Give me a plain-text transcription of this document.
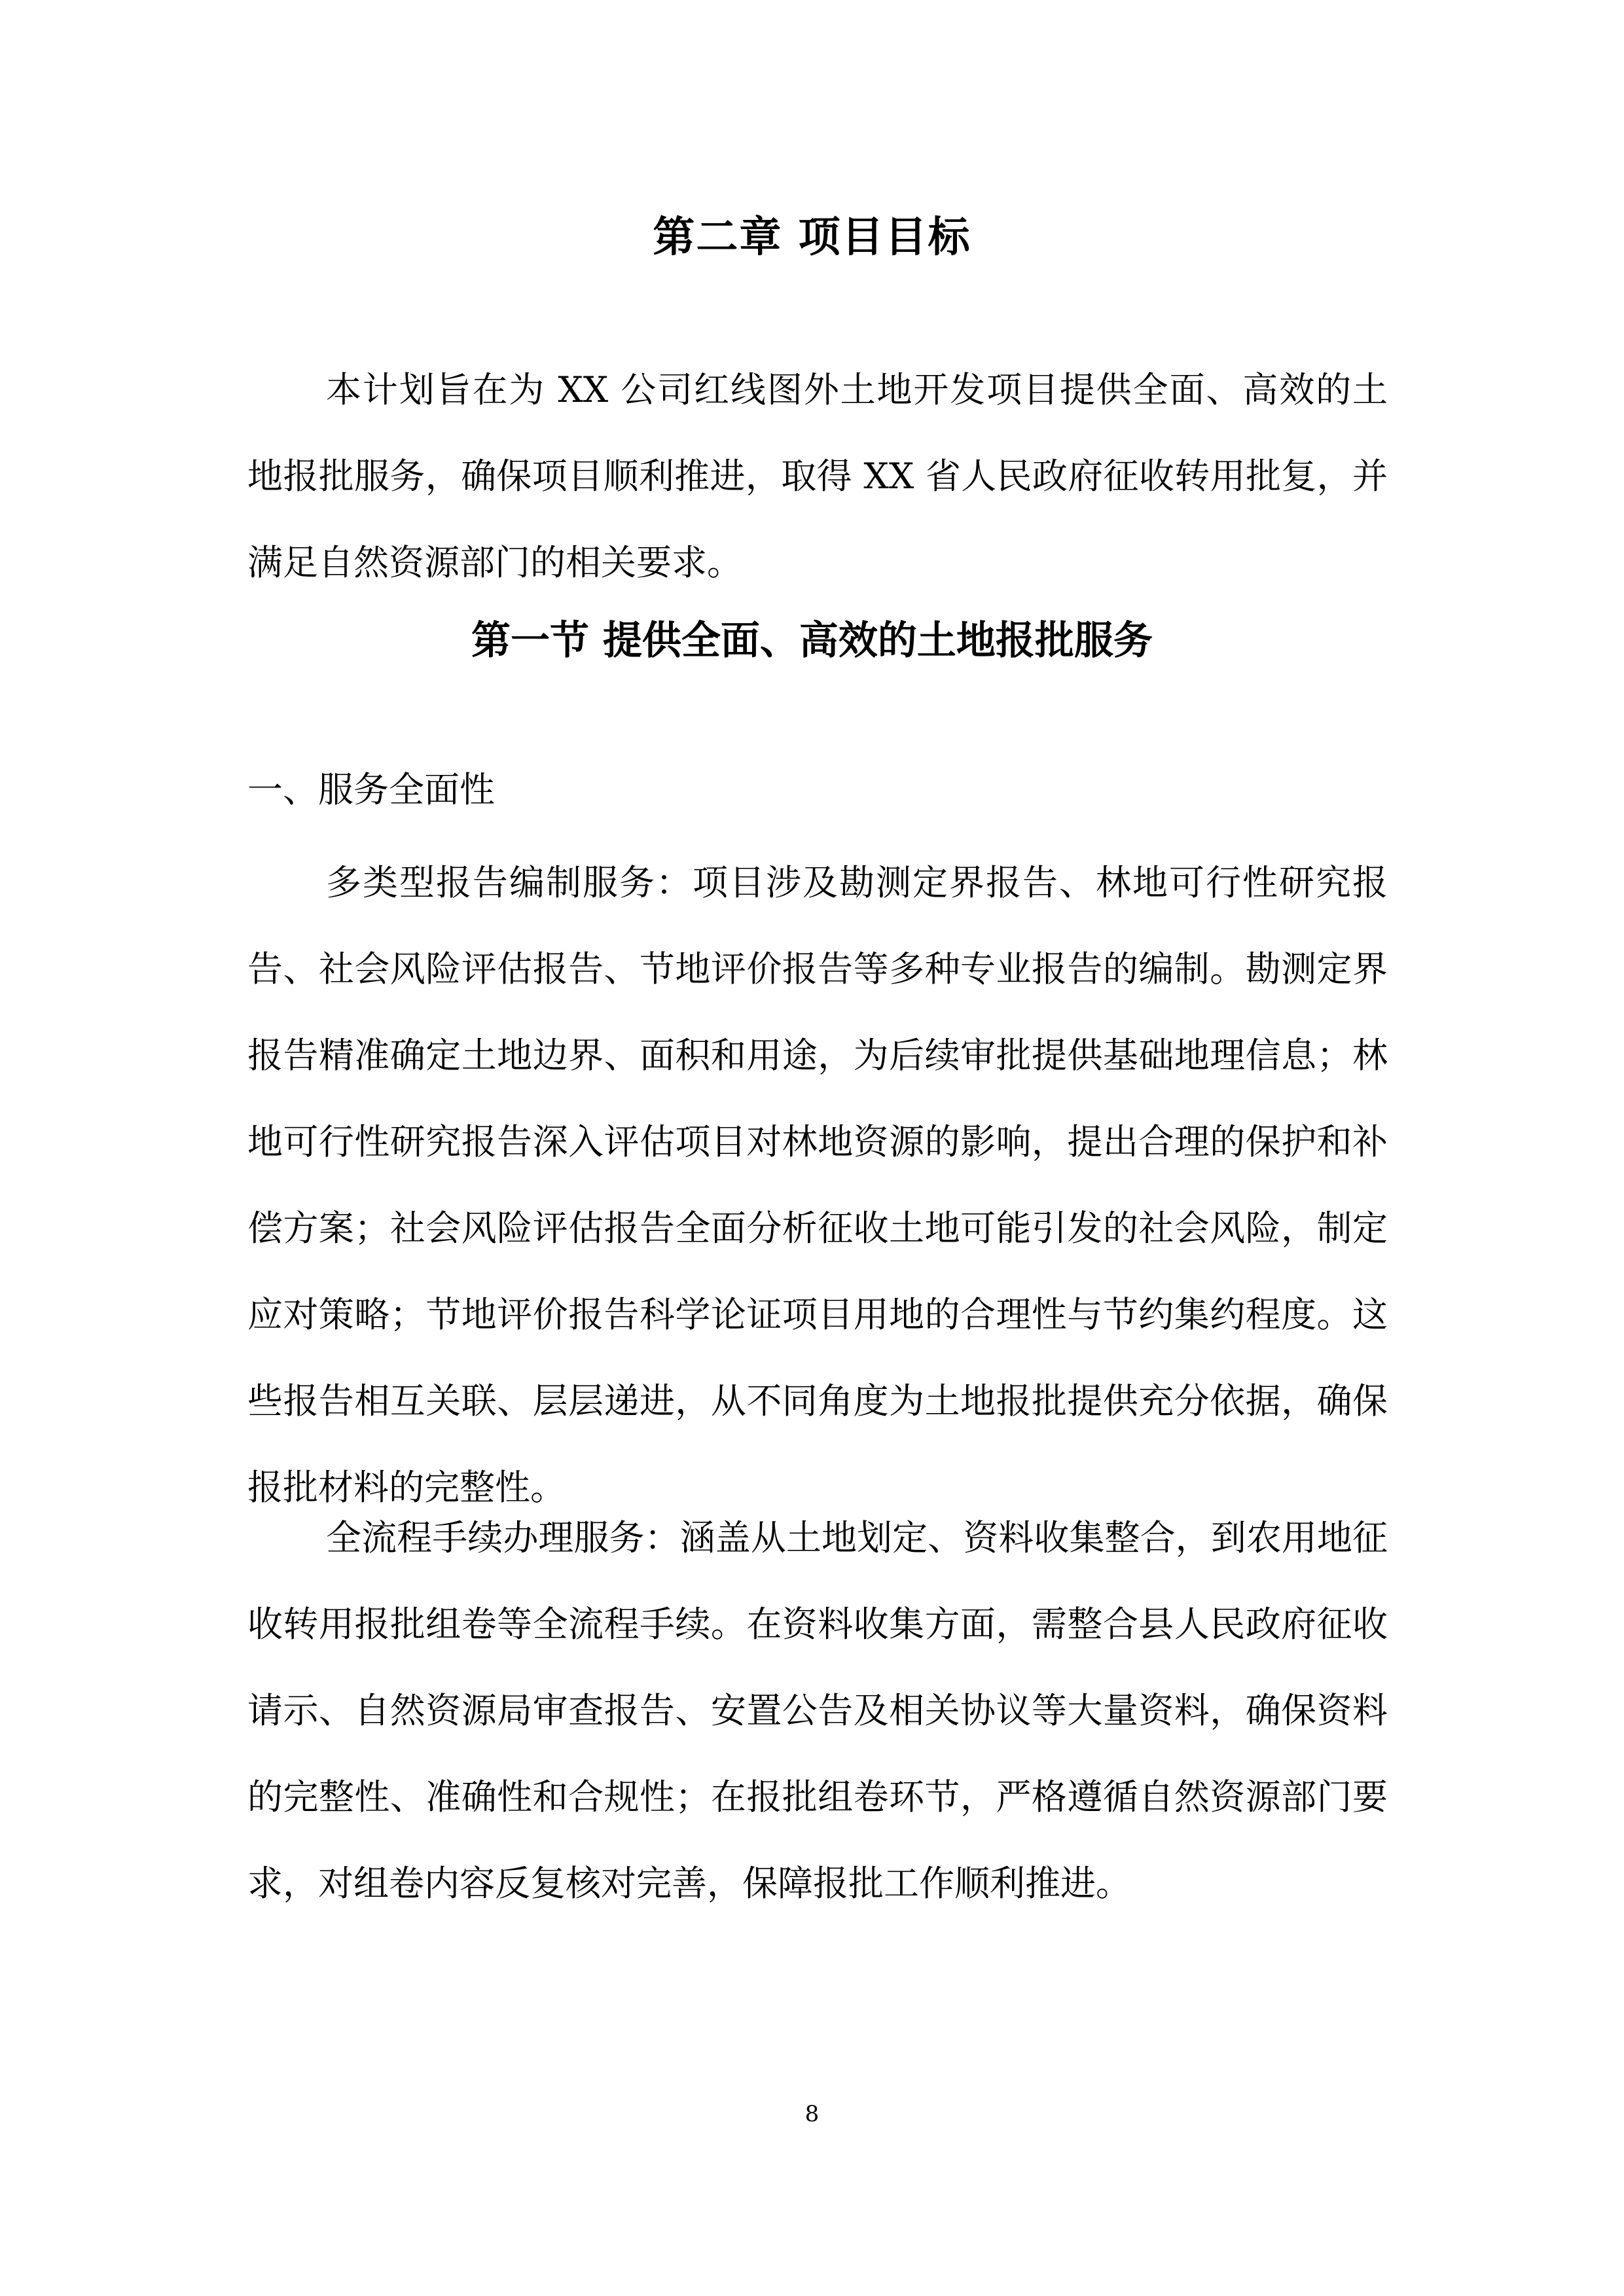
第二章 项目目标

本计划旨在为 XX 公司红线图外土地开发项目提供全面、高效的土地报批服务，确保项目顺利推进，取得 XX 省人民政府征收转用批复，并满足自然资源部门的相关要求。

第一节 提供全面、高效的土地报批服务

一、服务全面性

多类型报告编制服务：项目涉及勘测定界报告、林地可行性研究报告、社会风险评估报告、节地评价报告等多种专业报告的编制。勘测定界报告精准确定土地边界、面积和用途，为后续审批提供基础地理信息；林地可行性研究报告深入评估项目对林地资源的影响，提出合理的保护和补偿方案；社会风险评估报告全面分析征收土地可能引发的社会风险，制定应对策略；节地评价报告科学论证项目用地的合理性与节约集约程度。这些报告相互关联、层层递进，从不同角度为土地报批提供充分依据，确保报批材料的完整性。

全流程手续办理服务：涵盖从土地划定、资料收集整合，到农用地征收转用报批组卷等全流程手续。在资料收集方面，需整合县人民政府征收请示、自然资源局审查报告、安置公告及相关协议等大量资料，确保资料的完整性、准确性和合规性；在报批组卷环节，严格遵循自然资源部门要求，对组卷内容反复核对完善，保障报批工作顺利推进。

8
